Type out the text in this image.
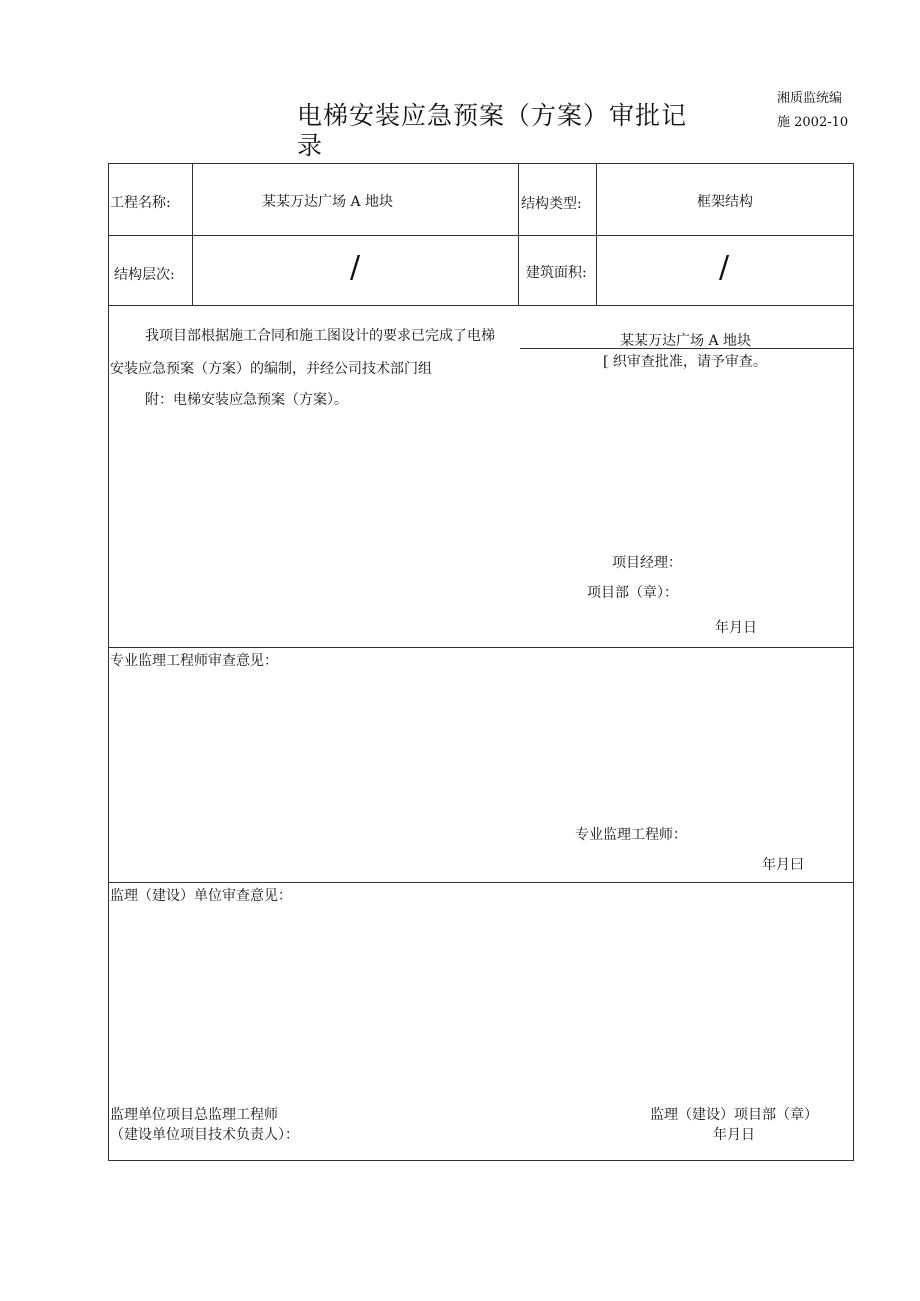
电梯安装应急预案（方案）审批记
录
湘质监统编
施 2002-10
工程名称:	某某万达广场 A 地块	结构类型:	框架结构
结构层次:	/	建筑面积:	/
我项目部根据施工合同和施工图设计的要求已完成了电梯	某某万达广场 A 地块
安装应急预案（方案）的编制，并经公司技术部门组	[ 织审查批准，请予审查。
附：电梯安装应急预案（方案）。
项目经理：
项目部（章）：
年月日
专业监理工程师审查意见：
专业监理工程师：
年月曰
监理（建设）单位审查意见：
监理单位项目总监理工程师
（建设单位项目技术负责人）：
监理（建设）项目部（章）
年月日
